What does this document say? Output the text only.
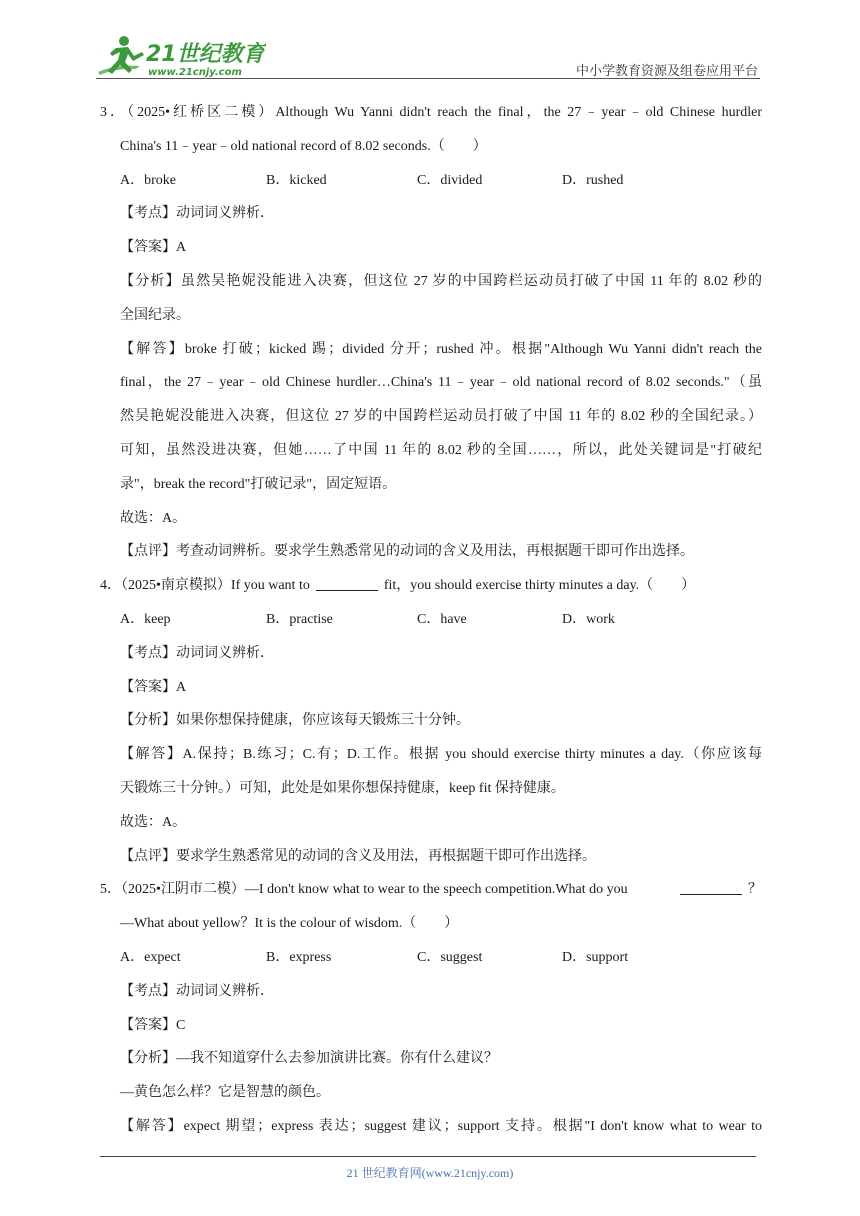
21世纪教育
www.21cnjy.com	中小学教育资源及组卷应用平台
3．（2025•红桥区二模）Although Wu Yanni didn't reach the final，the 27﹣year﹣old Chinese hurdler
China's 11﹣year﹣old national record of 8.02 seconds.（　　）
A．broke	B．kicked	C．divided	D．rushed
【考点】动词词义辨析．
【答案】A
【分析】虽然吴艳妮没能进入决赛，但这位 27 岁的中国跨栏运动员打破了中国 11 年的 8.02 秒的
全国纪录。
【解答】broke 打破；kicked 踢；divided 分开；rushed 冲。根据"Although Wu Yanni didn't reach the
final，the 27﹣year﹣old Chinese hurdler…China's 11﹣year﹣old national record of 8.02 seconds."（虽
然吴艳妮没能进入决赛，但这位 27 岁的中国跨栏运动员打破了中国 11 年的 8.02 秒的全国纪录。）
可知，虽然没进决赛，但她……了中国 11 年的 8.02 秒的全国……，所以，此处关键词是"打破纪
录"，break the record"打破记录"，固定短语。
故选：A。
【点评】考查动词辨析。要求学生熟悉常见的动词的含义及用法，再根据题干即可作出选择。
4．（2025•南京模拟）If you want to	fit，you should exercise thirty minutes a day.（　　）
A．keep	B．practise	C．have	D．work
【考点】动词词义辨析．
【答案】A
【分析】如果你想保持健康，你应该每天锻炼三十分钟。
【解答】A.保持；B.练习；C.有；D.工作。根据 you should exercise thirty minutes a day.（你应该每
天锻炼三十分钟。）可知，此处是如果你想保持健康，keep fit 保持健康。
故选：A。
【点评】要求学生熟悉常见的动词的含义及用法，再根据题干即可作出选择。
5．（2025•江阴市二模）—I don't know what to wear to the speech competition.What do you	？
—What about yellow？It is the colour of wisdom.（　　）
A．expect	B．express	C．suggest	D．support
【考点】动词词义辨析．
【答案】C
【分析】—我不知道穿什么去参加演讲比赛。你有什么建议？
—黄色怎么样？它是智慧的颜色。
【解答】expect 期望；express 表达；suggest 建议；support 支持。根据"I don't know what to wear to
21 世纪教育网(www.21cnjy.com)
